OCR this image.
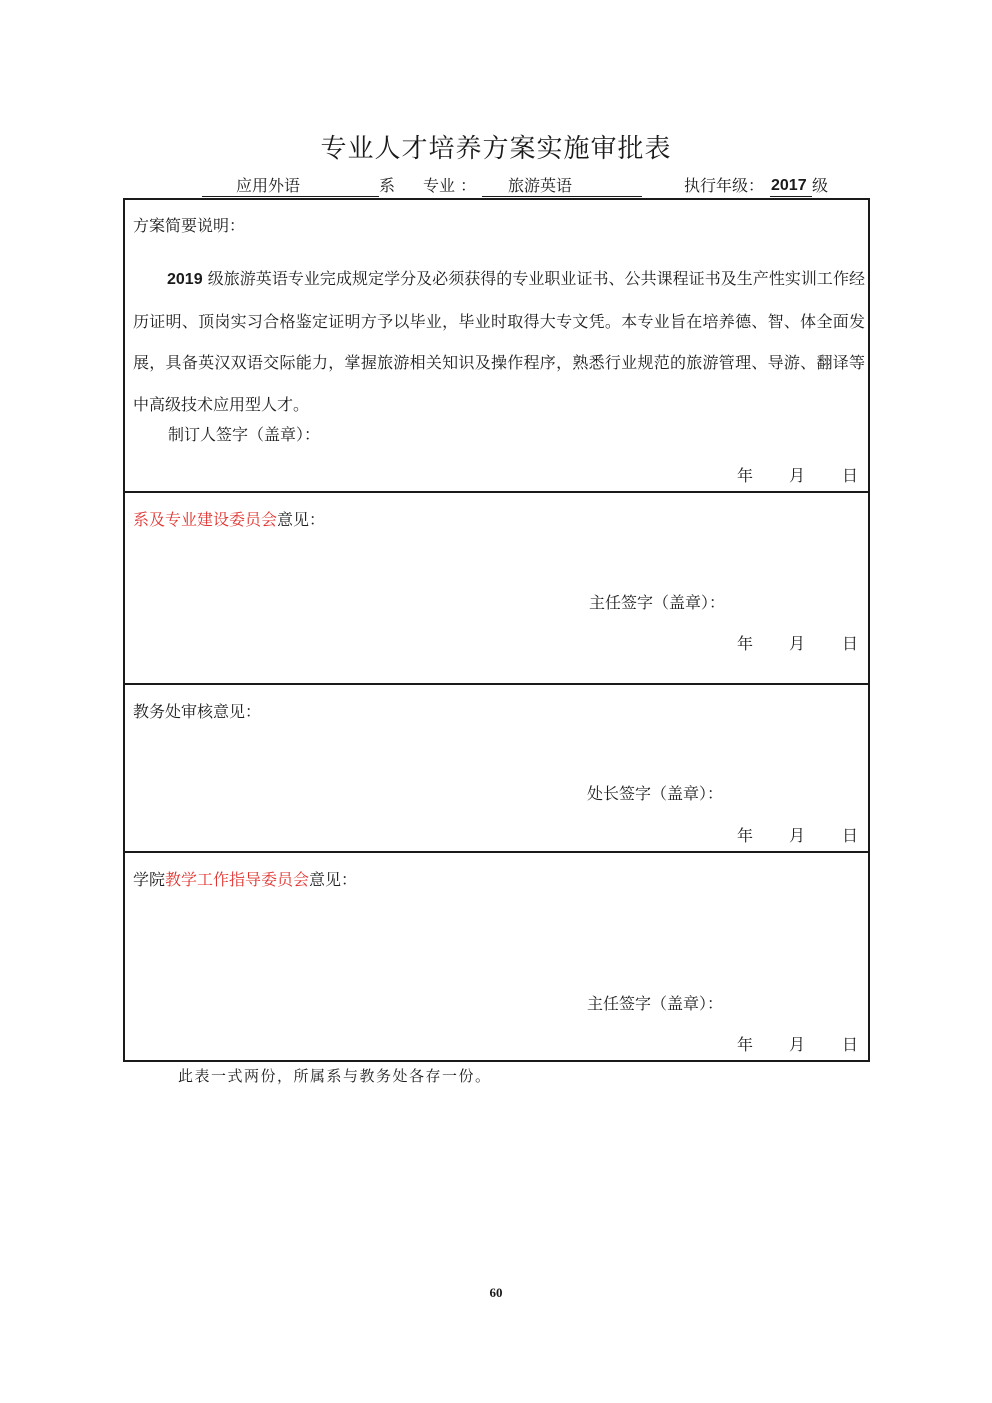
专业人才培养方案实施审批表
应用外语	系 专业 ： 旅游英语	执行年级： 2017 级
方案简要说明：
2019 级旅游英语专业完成规定学分及必须获得的专业职业证书、公共课程证书及生产性实训工作经历证明、顶岗实习合格鉴定证明方予以毕业，毕业时取得大专文凭。本专业旨在培养德、智、体全面发展，具备英汉双语交际能力，掌握旅游相关知识及操作程序，熟悉行业规范的旅游管理、导游、翻译等中高级技术应用型人才。
制订人签字（盖章）：
年 月 日
系及专业建设委员会意见：
主任签字（盖章）：
年 月 日
教务处审核意见：
处长签字（盖章）：
年 月 日
学院教学工作指导委员会意见：
主任签字（盖章）：
年 月 日
此表一式两份，所属系与教务处各存一份。
60
